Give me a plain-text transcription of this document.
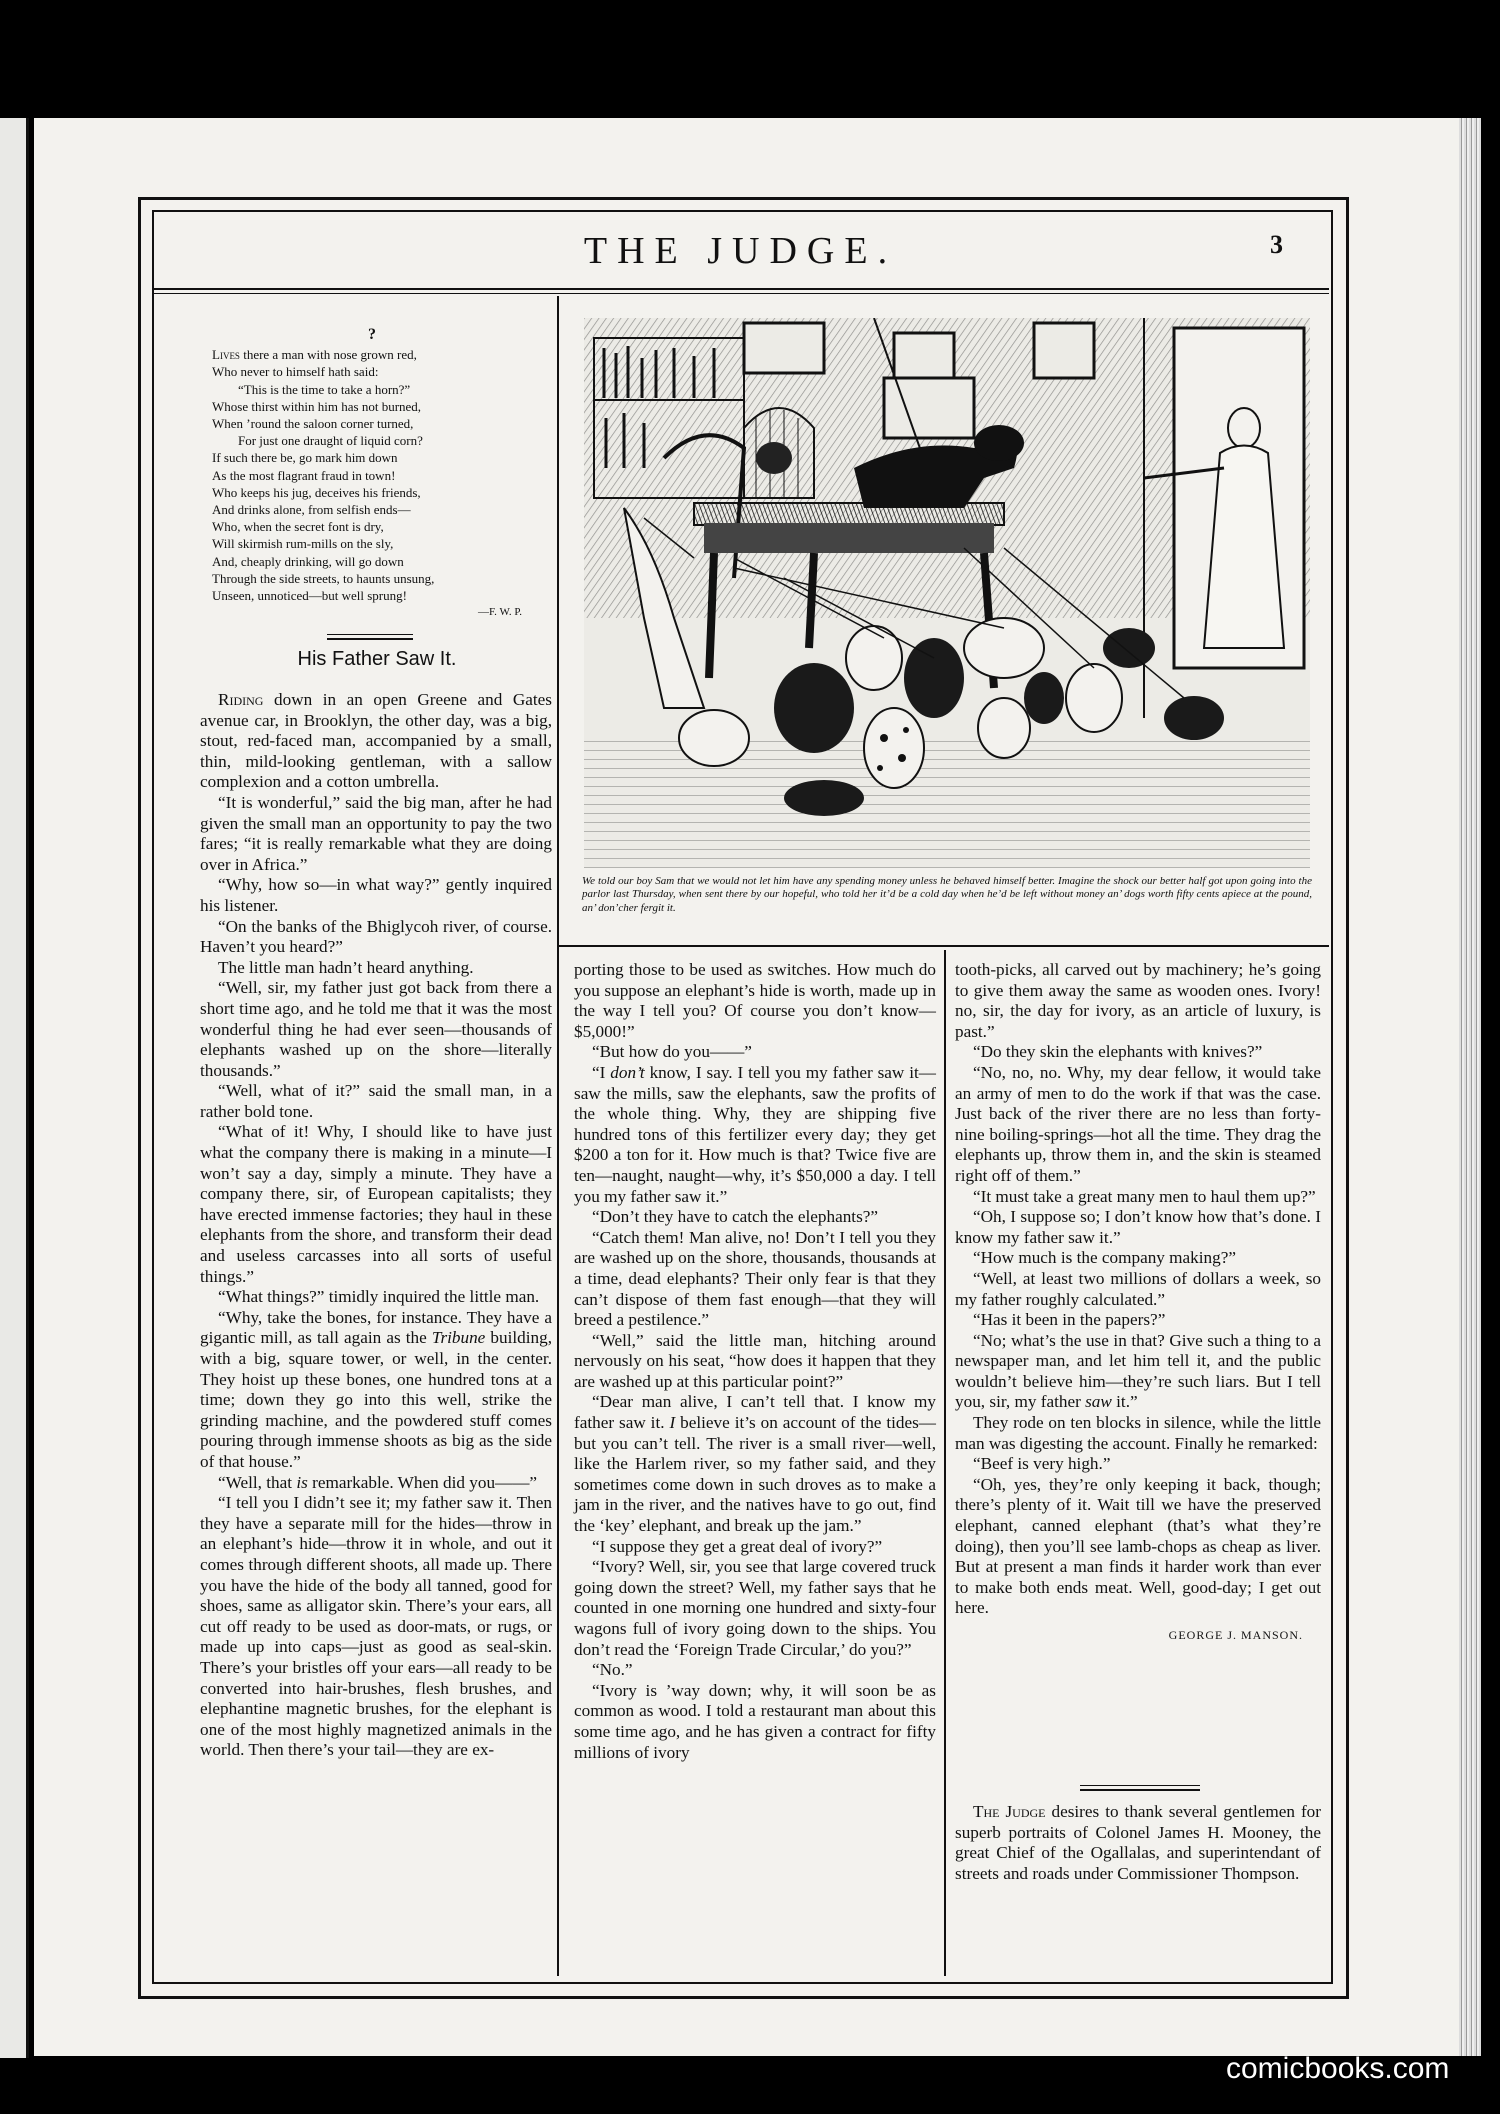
THE JUDGE.	3
?
Lives there a man with nose grown red,
Who never to himself hath said:
“This is the time to take a horn?”
Whose thirst within him has not burned,
When ’round the saloon corner turned,
For just one draught of liquid corn?
If such there be, go mark him down
As the most flagrant fraud in town!
Who keeps his jug, deceives his friends,
And drinks alone, from selfish ends—
Who, when the secret font is dry,
Will skirmish rum-mills on the sly,
And, cheaply drinking, will go down
Through the side streets, to haunts unsung,
Unseen, unnoticed—but well sprung!
—F. W. P.
His Father Saw It.

Riding down in an open Greene and Gates avenue car, in Brooklyn, the other day, was a big, stout, red-faced man, accompanied by a small, thin, mild-looking gentleman, with a sallow complexion and a cotton umbrella.

“It is wonderful,” said the big man, after he had given the small man an opportunity to pay the two fares; “it is really remarkable what they are doing over in Africa.”

“Why, how so—in what way?” gently inquired his listener.

“On the banks of the Bhiglycoh river, of course. Haven’t you heard?”

The little man hadn’t heard anything.

“Well, sir, my father just got back from there a short time ago, and he told me that it was the most wonderful thing he had ever seen—thousands of elephants washed up on the shore—literally thousands.”

“Well, what of it?” said the small man, in a rather bold tone.

“What of it! Why, I should like to have just what the company there is making in a minute—I won’t say a day, simply a minute. They have a company there, sir, of European capitalists; they have erected immense factories; they haul in these elephants from the shore, and transform their dead and useless carcasses into all sorts of useful things.”

“What things?” timidly inquired the little man.

“Why, take the bones, for instance. They have a gigantic mill, as tall again as the Tribune building, with a big, square tower, or well, in the center. They hoist up these bones, one hundred tons at a time; down they go into this well, strike the grinding machine, and the powdered stuff comes pouring through immense shoots as big as the side of that house.”

“Well, that is remarkable. When did you——”

“I tell you I didn’t see it; my father saw it. Then they have a separate mill for the hides—throw in an elephant’s hide—throw it in whole, and out it comes through different shoots, all made up. There you have the hide of the body all tanned, good for shoes, same as alligator skin. There’s your ears, all cut off ready to be used as door-mats, or rugs, or made up into caps—just as good as seal-skin. There’s your bristles off your ears—all ready to be converted into hair-brushes, flesh brushes, and elephantine magnetic brushes, for the elephant is one of the most highly magnetized animals in the world. Then there’s your tail—they are ex-

We told our boy Sam that we would not let him have any spending money unless he behaved himself better. Imagine the shock our better half got upon going into the parlor last Thursday, when sent there by our hopeful, who told her it’d be a cold day when he’d be left without money an’ dogs worth fifty cents apiece at the pound, an’ don’cher fergit it.

porting those to be used as switches. How much do you suppose an elephant’s hide is worth, made up in the way I tell you? Of course you don’t know—$5,000!”

“But how do you——”

“I don’t know, I say. I tell you my father saw it—saw the mills, saw the elephants, saw the profits of the whole thing. Why, they are shipping five hundred tons of this fertilizer every day; they get $200 a ton for it. How much is that? Twice five are ten—naught, naught—why, it’s $50,000 a day. I tell you my father saw it.”

“Don’t they have to catch the elephants?”

“Catch them! Man alive, no! Don’t I tell you they are washed up on the shore, thousands, thousands at a time, dead elephants? Their only fear is that they can’t dispose of them fast enough—that they will breed a pestilence.”

“Well,” said the little man, hitching around nervously on his seat, “how does it happen that they are washed up at this particular point?”

“Dear man alive, I can’t tell that. I know my father saw it. I believe it’s on account of the tides—but you can’t tell. The river is a small river—well, like the Harlem river, so my father said, and they sometimes come down in such droves as to make a jam in the river, and the natives have to go out, find the ‘key’ elephant, and break up the jam.”

“I suppose they get a great deal of ivory?”

“Ivory? Well, sir, you see that large covered truck going down the street? Well, my father says that he counted in one morning one hundred and sixty-four wagons full of ivory going down to the ships. You don’t read the ‘Foreign Trade Circular,’ do you?”

“No.”

“Ivory is ’way down; why, it will soon be as common as wood. I told a restaurant man about this some time ago, and he has given a contract for fifty millions of ivory

tooth-picks, all carved out by machinery; he’s going to give them away the same as wooden ones. Ivory! no, sir, the day for ivory, as an article of luxury, is past.”

“Do they skin the elephants with knives?”

“No, no, no. Why, my dear fellow, it would take an army of men to do the work if that was the case. Just back of the river there are no less than forty-nine boiling-springs—hot all the time. They drag the elephants up, throw them in, and the skin is steamed right off of them.”

“It must take a great many men to haul them up?”

“Oh, I suppose so; I don’t know how that’s done. I know my father saw it.”

“How much is the company making?”

“Well, at least two millions of dollars a week, so my father roughly calculated.”

“Has it been in the papers?”

“No; what’s the use in that? Give such a thing to a newspaper man, and let him tell it, and the public wouldn’t believe him—they’re such liars. But I tell you, sir, my father saw it.”

They rode on ten blocks in silence, while the little man was digesting the account. Finally he remarked:

“Beef is very high.”

“Oh, yes, they’re only keeping it back, though; there’s plenty of it. Wait till we have the preserved elephant, canned elephant (that’s what they’re doing), then you’ll see lamb-chops as cheap as liver. But at present a man finds it harder work than ever to make both ends meat. Well, good-day; I get out here.

GEORGE J. MANSON.

The Judge desires to thank several gentlemen for superb portraits of Colonel James H. Mooney, the great Chief of the Ogallalas, and superintendant of streets and roads under Commissioner Thompson.

comicbooks.com
